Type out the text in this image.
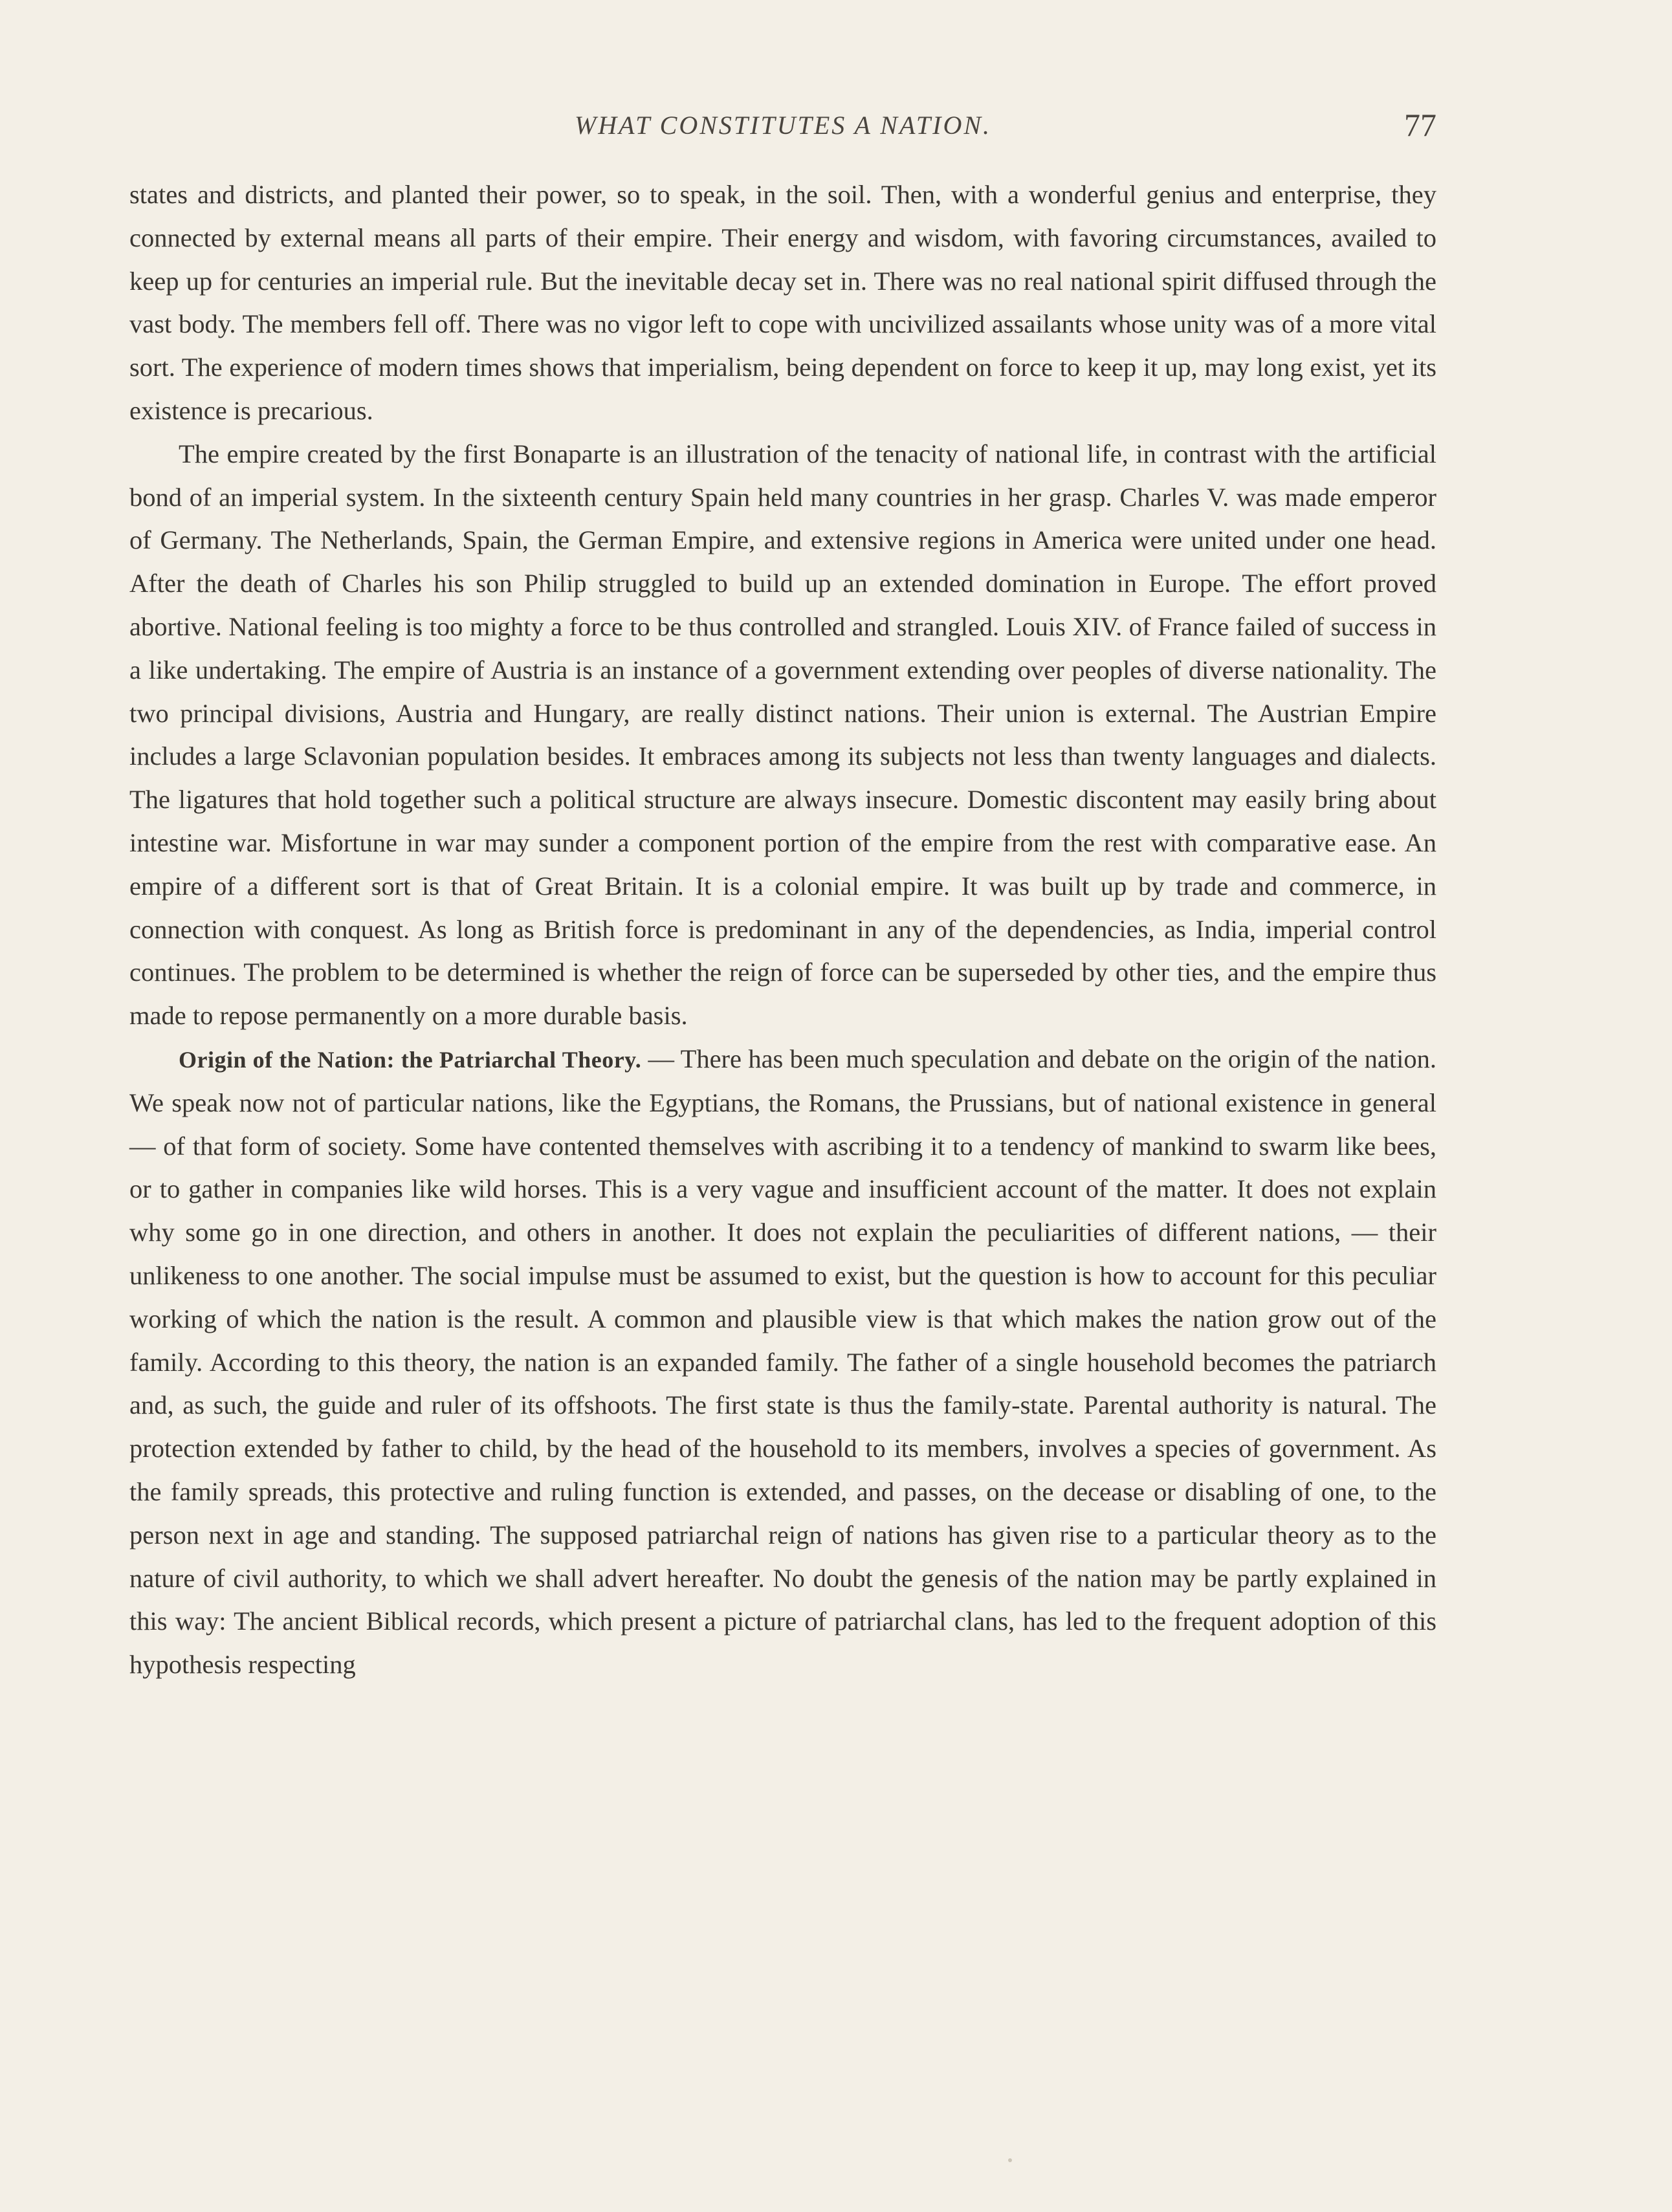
WHAT CONSTITUTES A NATION.	77

states and districts, and planted their power, so to speak, in the soil. Then, with a wonderful genius and enterprise, they connected by external means all parts of their empire. Their energy and wisdom, with favoring circumstances, availed to keep up for centuries an imperial rule. But the inevitable decay set in. There was no real national spirit diffused through the vast body. The members fell off. There was no vigor left to cope with uncivilized assailants whose unity was of a more vital sort. The experience of modern times shows that imperialism, being dependent on force to keep it up, may long exist, yet its existence is precarious.

The empire created by the first Bonaparte is an illustration of the tenacity of national life, in contrast with the artificial bond of an imperial system. In the sixteenth century Spain held many countries in her grasp. Charles V. was made emperor of Germany. The Netherlands, Spain, the German Empire, and extensive regions in America were united under one head. After the death of Charles his son Philip struggled to build up an extended domination in Europe. The effort proved abortive. National feeling is too mighty a force to be thus controlled and strangled. Louis XIV. of France failed of success in a like undertaking. The empire of Austria is an instance of a government extending over peoples of diverse nationality. The two principal divisions, Austria and Hungary, are really distinct nations. Their union is external. The Austrian Empire includes a large Sclavonian population besides. It embraces among its subjects not less than twenty languages and dialects. The ligatures that hold together such a political structure are always insecure. Domestic discontent may easily bring about intestine war. Misfortune in war may sunder a component portion of the empire from the rest with comparative ease. An empire of a different sort is that of Great Britain. It is a colonial empire. It was built up by trade and commerce, in connection with conquest. As long as British force is predominant in any of the dependencies, as India, imperial control continues. The problem to be determined is whether the reign of force can be superseded by other ties, and the empire thus made to repose permanently on a more durable basis.

Origin of the Nation: the Patriarchal Theory. — There has been much speculation and debate on the origin of the nation. We speak now not of particular nations, like the Egyptians, the Romans, the Prussians, but of national existence in general — of that form of society. Some have contented themselves with ascribing it to a tendency of mankind to swarm like bees, or to gather in companies like wild horses. This is a very vague and insufficient account of the matter. It does not explain why some go in one direction, and others in another. It does not explain the peculiarities of different nations, — their unlikeness to one another. The social impulse must be assumed to exist, but the question is how to account for this peculiar working of which the nation is the result. A common and plausible view is that which makes the nation grow out of the family. According to this theory, the nation is an expanded family. The father of a single household becomes the patriarch and, as such, the guide and ruler of its offshoots. The first state is thus the family-state. Parental authority is natural. The protection extended by father to child, by the head of the household to its members, involves a species of government. As the family spreads, this protective and ruling function is extended, and passes, on the decease or disabling of one, to the person next in age and standing. The supposed patriarchal reign of nations has given rise to a particular theory as to the nature of civil authority, to which we shall advert hereafter. No doubt the genesis of the nation may be partly explained in this way: The ancient Biblical records, which present a picture of patriarchal clans, has led to the frequent adoption of this hypothesis respecting
